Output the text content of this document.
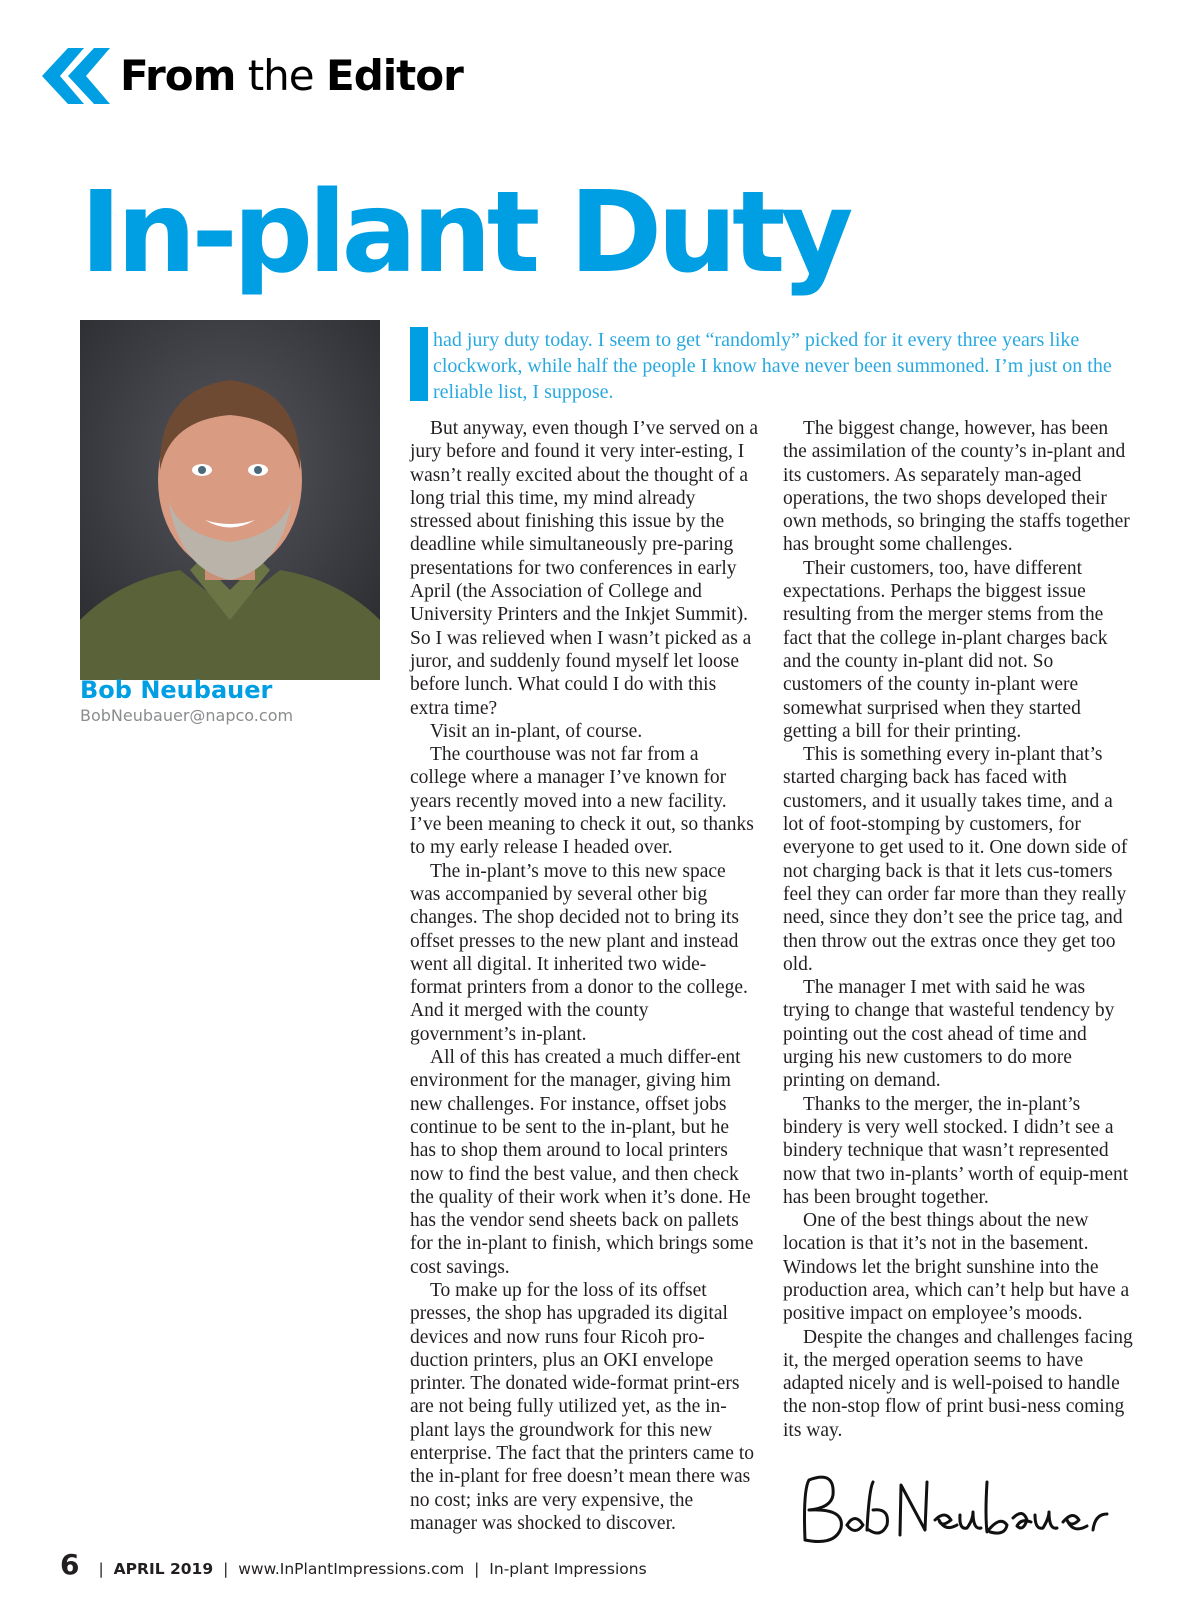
From the Editor
In-plant Duty
Bob Neubauer
BobNeubauer@napco.com

had jury duty today. I seem to get “randomly” picked for it every three years like clockwork, while half the people I know have never been summoned. I’m just on the reliable list, I suppose.

But anyway, even though I’ve served on a jury before and found it very inter-esting, I wasn’t really excited about the thought of a long trial this time, my mind already stressed about finishing this issue by the deadline while simultaneously pre-paring presentations for two conferences in early April (the Association of College and University Printers and the Inkjet Summit). So I was relieved when I wasn’t picked as a juror, and suddenly found myself let loose before lunch. What could I do with this extra time?

Visit an in-plant, of course.

The courthouse was not far from a college where a manager I’ve known for years recently moved into a new facility. I’ve been meaning to check it out, so thanks to my early release I headed over.

The in-plant’s move to this new space was accompanied by several other big changes. The shop decided not to bring its offset presses to the new plant and instead went all digital. It inherited two wide-format printers from a donor to the college. And it merged with the county government’s in-plant.

All of this has created a much differ-ent environment for the manager, giving him new challenges. For instance, offset jobs continue to be sent to the in-plant, but he has to shop them around to local printers now to find the best value, and then check the quality of their work when it’s done. He has the vendor send sheets back on pallets for the in-plant to finish, which brings some cost savings.

To make up for the loss of its offset presses, the shop has upgraded its digital devices and now runs four Ricoh pro-duction printers, plus an OKI envelope printer. The donated wide-format print-ers are not being fully utilized yet, as the in-plant lays the groundwork for this new enterprise. The fact that the printers came to the in-plant for free doesn’t mean there was no cost; inks are very expensive, the manager was shocked to discover.

The biggest change, however, has been the assimilation of the county’s in-plant and its customers. As separately man-aged operations, the two shops developed their own methods, so bringing the staffs together has brought some challenges.

Their customers, too, have different expectations. Perhaps the biggest issue resulting from the merger stems from the fact that the college in-plant charges back and the county in-plant did not. So customers of the county in-plant were somewhat surprised when they started getting a bill for their printing.

This is something every in-plant that’s started charging back has faced with customers, and it usually takes time, and a lot of foot-stomping by customers, for everyone to get used to it. One down side of not charging back is that it lets cus-tomers feel they can order far more than they really need, since they don’t see the price tag, and then throw out the extras once they get too old.

The manager I met with said he was trying to change that wasteful tendency by pointing out the cost ahead of time and urging his new customers to do more printing on demand.

Thanks to the merger, the in-plant’s bindery is very well stocked. I didn’t see a bindery technique that wasn’t represented now that two in-plants’ worth of equip-ment has been brought together.

One of the best things about the new location is that it’s not in the basement. Windows let the bright sunshine into the production area, which can’t help but have a positive impact on employee’s moods.

Despite the changes and challenges facing it, the merged operation seems to have adapted nicely and is well-poised to handle the non-stop flow of print busi-ness coming its way.

6	| APRIL 2019 | www.InPlantImpressions.com | In-plant Impressions
